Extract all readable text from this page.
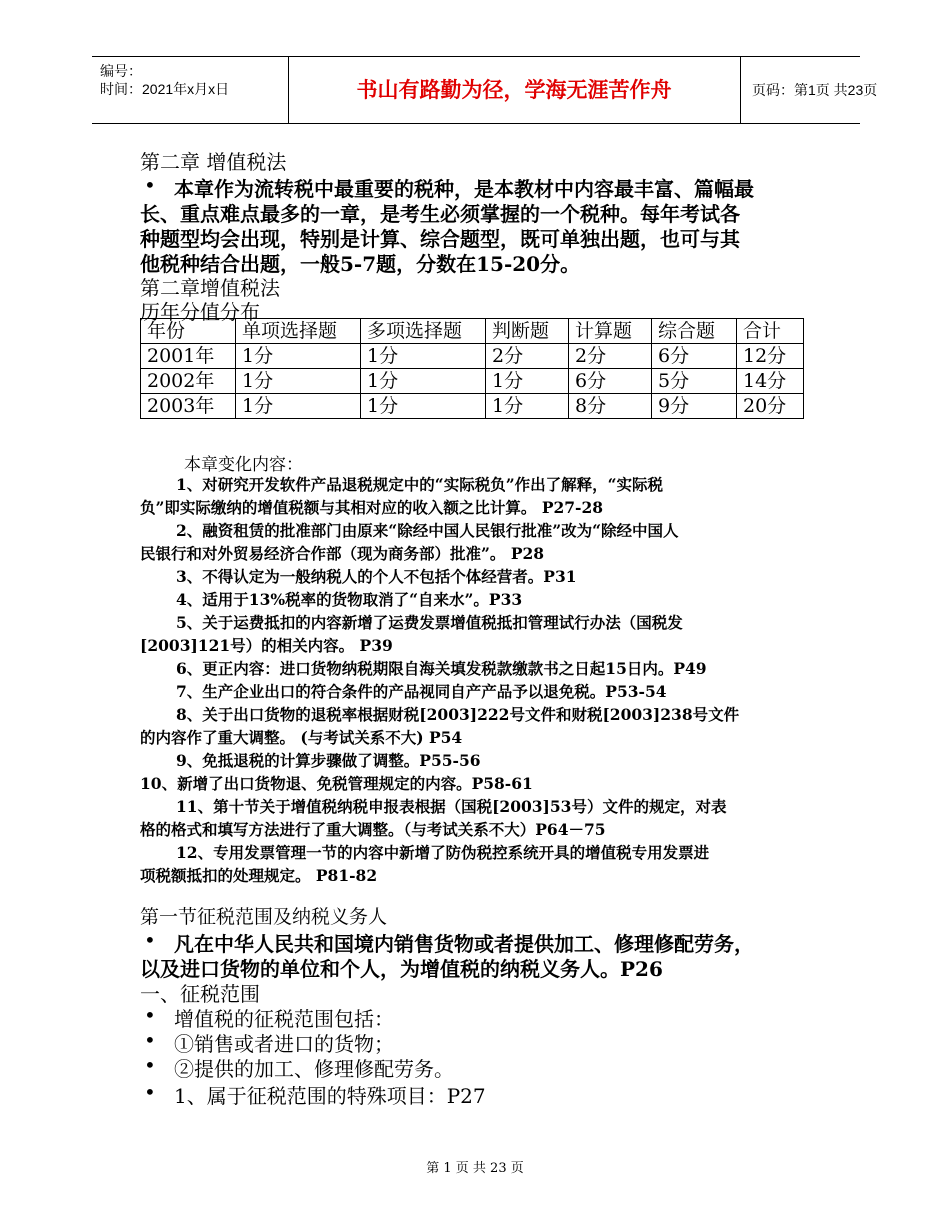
编号：
时间：2021年x月x日	书山有路勤为径，学海无涯苦作舟	页码：第1页 共23页
第二章 增值税法
• 本章作为流转税中最重要的税种，是本教材中内容最丰富、篇幅最
长、重点难点最多的一章，是考生必须掌握的一个税种。每年考试各
种题型均会出现，特别是计算、综合题型，既可单独出题，也可与其
他税种结合出题，一般5-7题，分数在15-20分。
第二章增值税法
历年分值分布
年份	单项选择题	多项选择题	判断题	计算题	综合题	合计
2001年	1分	1分	2分	2分	6分	12分
2002年	1分	1分	1分	6分	5分	14分
2003年	1分	1分	1分	8分	9分	20分
本章变化内容：
1、对研究开发软件产品退税规定中的“实际税负”作出了解释，“实际税
负”即实际缴纳的增值税额与其相对应的收入额之比计算。 P27-28
2、融资租赁的批准部门由原来“除经中国人民银行批准”改为“除经中国人
民银行和对外贸易经济合作部（现为商务部）批准”。 P28
3、不得认定为一般纳税人的个人不包括个体经营者。P31
4、适用于13%税率的货物取消了“自来水”。P33
5、关于运费抵扣的内容新增了运费发票增值税抵扣管理试行办法（国税发
[2003]121号）的相关内容。 P39
6、更正内容：进口货物纳税期限自海关填发税款缴款书之日起15日内。P49
7、生产企业出口的符合条件的产品视同自产产品予以退免税。P53-54
8、关于出口货物的退税率根据财税[2003]222号文件和财税[2003]238号文件
的内容作了重大调整。 (与考试关系不大) P54
9、免抵退税的计算步骤做了调整。P55-56
10、新增了出口货物退、免税管理规定的内容。P58-61
11、第十节关于增值税纳税申报表根据（国税[2003]53号）文件的规定，对表
格的格式和填写方法进行了重大调整。（与考试关系不大）P64－75
12、专用发票管理一节的内容中新增了防伪税控系统开具的增值税专用发票进
项税额抵扣的处理规定。 P81-82
第一节征税范围及纳税义务人
• 凡在中华人民共和国境内销售货物或者提供加工、修理修配劳务，
以及进口货物的单位和个人，为增值税的纳税义务人。P26
一、征税范围
• 增值税的征税范围包括：
• ①销售或者进口的货物；
• ②提供的加工、修理修配劳务。
• 1、属于征税范围的特殊项目：P27
第 1 页 共 23 页
